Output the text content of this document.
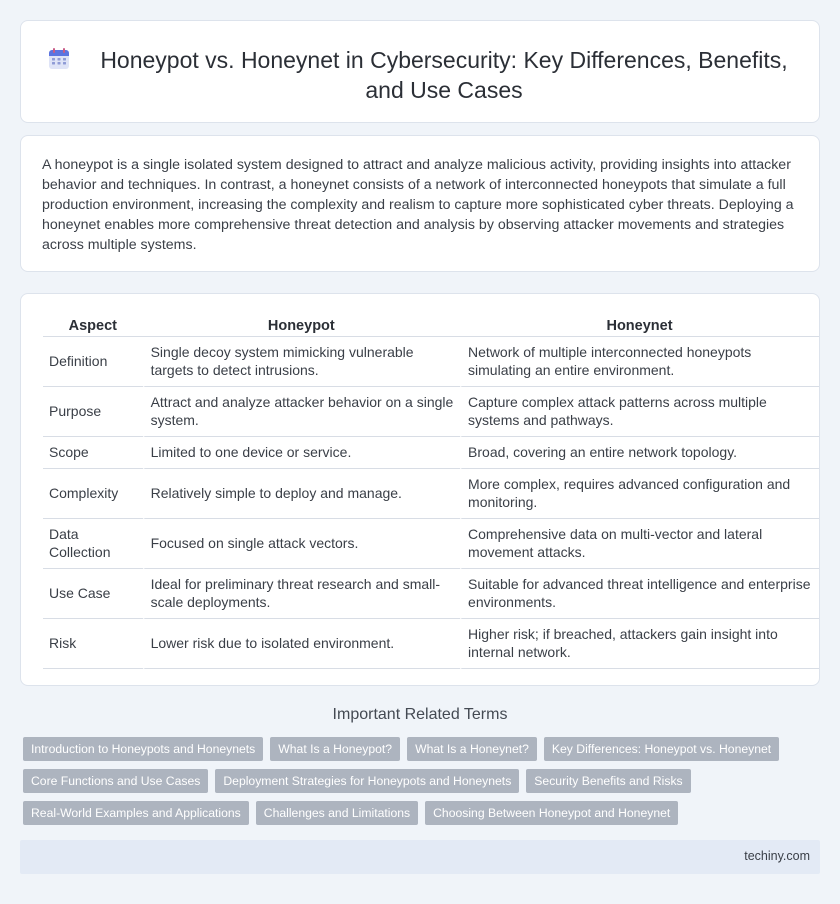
Honeypot vs. Honeynet in Cybersecurity: Key Differences, Benefits, and Use Cases

A honeypot is a single isolated system designed to attract and analyze malicious activity, providing insights into attacker behavior and techniques. In contrast, a honeynet consists of a network of interconnected honeypots that simulate a full production environment, increasing the complexity and realism to capture more sophisticated cyber threats. Deploying a honeynet enables more comprehensive threat detection and analysis by observing attacker movements and strategies across multiple systems.

Aspect	Honeypot	Honeynet
Definition	Single decoy system mimicking vulnerable targets to detect intrusions.	Network of multiple interconnected honeypots simulating an entire environment.
Purpose	Attract and analyze attacker behavior on a single system.	Capture complex attack patterns across multiple systems and pathways.
Scope	Limited to one device or service.	Broad, covering an entire network topology.
Complexity	Relatively simple to deploy and manage.	More complex, requires advanced configuration and monitoring.
Data Collection	Focused on single attack vectors.	Comprehensive data on multi-vector and lateral movement attacks.
Use Case	Ideal for preliminary threat research and small-scale deployments.	Suitable for advanced threat intelligence and enterprise environments.
Risk	Lower risk due to isolated environment.	Higher risk; if breached, attackers gain insight into internal network.
Important Related Terms
Introduction to Honeypots and Honeynets	What Is a Honeypot?	What Is a Honeynet?	Key Differences: Honeypot vs. Honeynet
Core Functions and Use Cases	Deployment Strategies for Honeypots and Honeynets	Security Benefits and Risks
Real-World Examples and Applications	Challenges and Limitations	Choosing Between Honeypot and Honeynet
techiny.com
